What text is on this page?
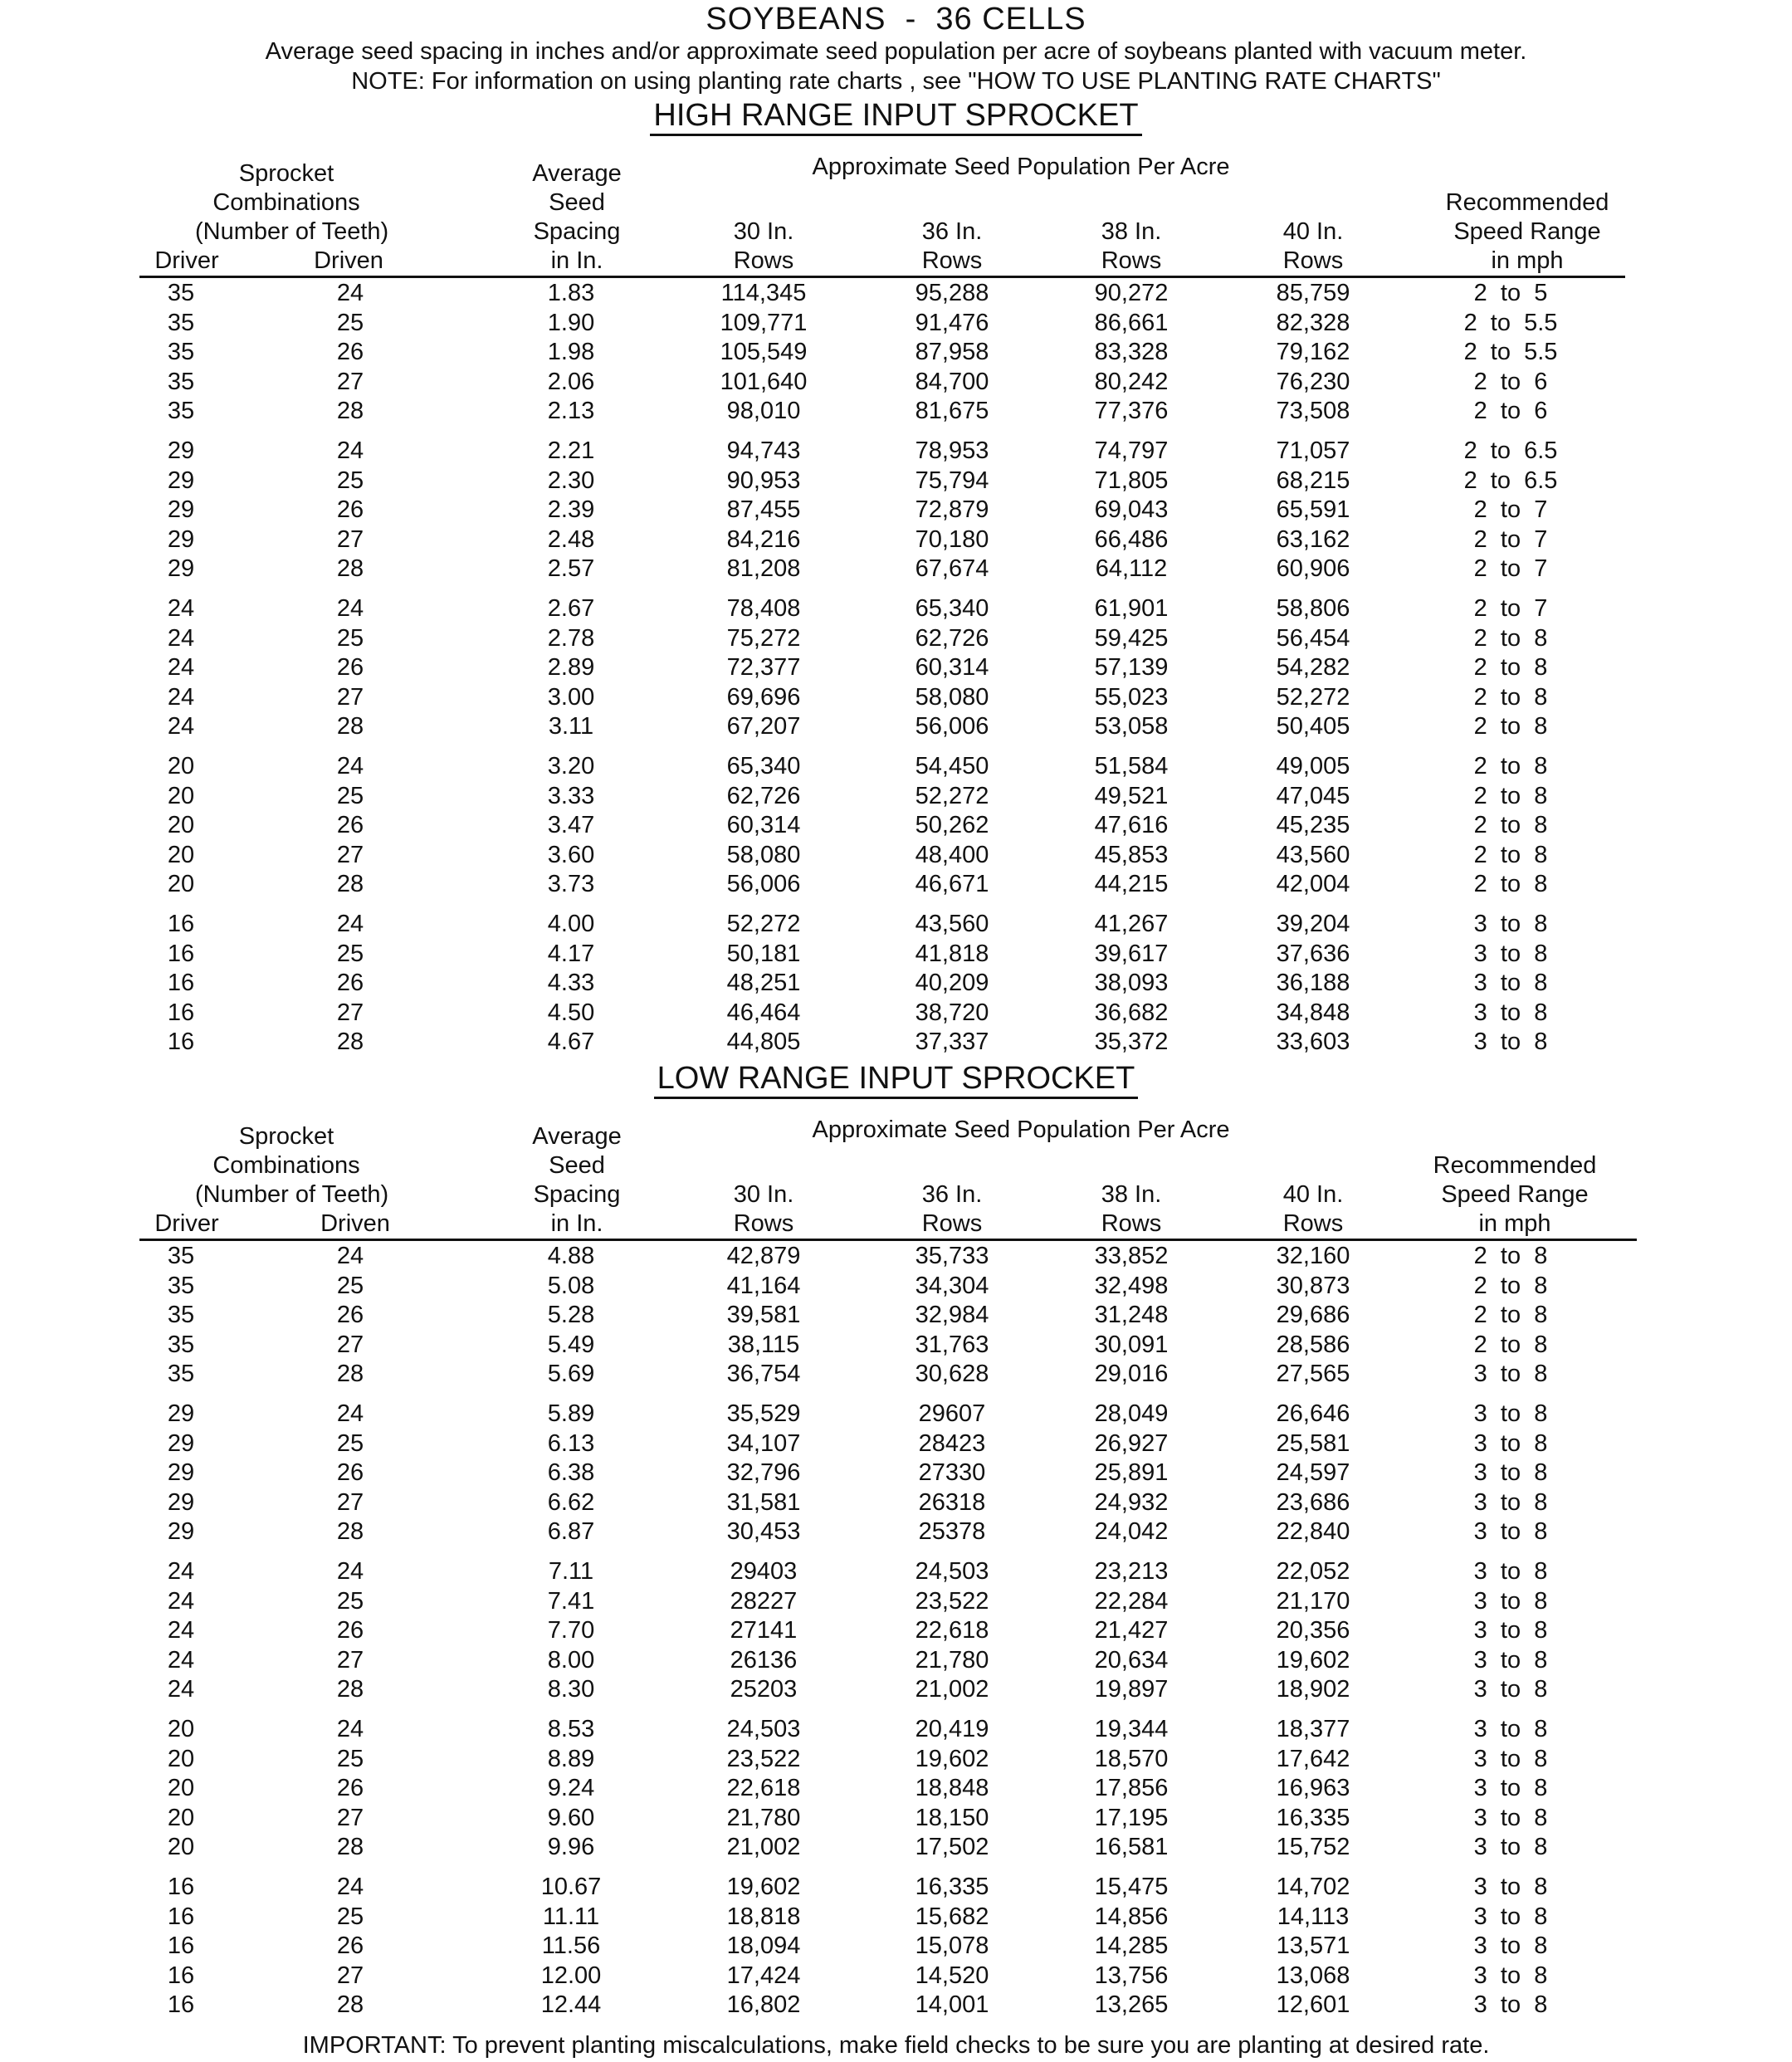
SOYBEANS  -  36 CELLS
Average seed spacing in inches and/or approximate seed population per acre of soybeans planted with vacuum meter.
NOTE: For information on using planting rate charts , see "HOW TO USE PLANTING RATE CHARTS"
HIGH RANGE INPUT SPROCKET
Sprocket
Combinations
(Number of Teeth)
Driver	Driven
Average
Seed
Spacing
in In.
Approximate Seed Population Per Acre
30 In.
Rows
36 In.
Rows
38 In.
Rows
40 In.
Rows
Recommended
Speed Range
in mph
35	24	1.83	114,345	95,288	90,272	85,759	2  to  5
35	25	1.90	109,771	91,476	86,661	82,328	2  to  5.5
35	26	1.98	105,549	87,958	83,328	79,162	2  to  5.5
35	27	2.06	101,640	84,700	80,242	76,230	2  to  6
35	28	2.13	98,010	81,675	77,376	73,508	2  to  6
29	24	2.21	94,743	78,953	74,797	71,057	2  to  6.5
29	25	2.30	90,953	75,794	71,805	68,215	2  to  6.5
29	26	2.39	87,455	72,879	69,043	65,591	2  to  7
29	27	2.48	84,216	70,180	66,486	63,162	2  to  7
29	28	2.57	81,208	67,674	64,112	60,906	2  to  7
24	24	2.67	78,408	65,340	61,901	58,806	2  to  7
24	25	2.78	75,272	62,726	59,425	56,454	2  to  8
24	26	2.89	72,377	60,314	57,139	54,282	2  to  8
24	27	3.00	69,696	58,080	55,023	52,272	2  to  8
24	28	3.11	67,207	56,006	53,058	50,405	2  to  8
20	24	3.20	65,340	54,450	51,584	49,005	2  to  8
20	25	3.33	62,726	52,272	49,521	47,045	2  to  8
20	26	3.47	60,314	50,262	47,616	45,235	2  to  8
20	27	3.60	58,080	48,400	45,853	43,560	2  to  8
20	28	3.73	56,006	46,671	44,215	42,004	2  to  8
16	24	4.00	52,272	43,560	41,267	39,204	3  to  8
16	25	4.17	50,181	41,818	39,617	37,636	3  to  8
16	26	4.33	48,251	40,209	38,093	36,188	3  to  8
16	27	4.50	46,464	38,720	36,682	34,848	3  to  8
16	28	4.67	44,805	37,337	35,372	33,603	3  to  8
LOW RANGE INPUT SPROCKET
Sprocket
Combinations
(Number of Teeth)
Driver	Driven
Average
Seed
Spacing
in In.
Approximate Seed Population Per Acre
30 In.
Rows
36 In.
Rows
38 In.
Rows
40 In.
Rows
Recommended
Speed Range
in mph
35	24	4.88	42,879	35,733	33,852	32,160	2  to  8
35	25	5.08	41,164	34,304	32,498	30,873	2  to  8
35	26	5.28	39,581	32,984	31,248	29,686	2  to  8
35	27	5.49	38,115	31,763	30,091	28,586	2  to  8
35	28	5.69	36,754	30,628	29,016	27,565	3  to  8
29	24	5.89	35,529	29607	28,049	26,646	3  to  8
29	25	6.13	34,107	28423	26,927	25,581	3  to  8
29	26	6.38	32,796	27330	25,891	24,597	3  to  8
29	27	6.62	31,581	26318	24,932	23,686	3  to  8
29	28	6.87	30,453	25378	24,042	22,840	3  to  8
24	24	7.11	29403	24,503	23,213	22,052	3  to  8
24	25	7.41	28227	23,522	22,284	21,170	3  to  8
24	26	7.70	27141	22,618	21,427	20,356	3  to  8
24	27	8.00	26136	21,780	20,634	19,602	3  to  8
24	28	8.30	25203	21,002	19,897	18,902	3  to  8
20	24	8.53	24,503	20,419	19,344	18,377	3  to  8
20	25	8.89	23,522	19,602	18,570	17,642	3  to  8
20	26	9.24	22,618	18,848	17,856	16,963	3  to  8
20	27	9.60	21,780	18,150	17,195	16,335	3  to  8
20	28	9.96	21,002	17,502	16,581	15,752	3  to  8
16	24	10.67	19,602	16,335	15,475	14,702	3  to  8
16	25	11.11	18,818	15,682	14,856	14,113	3  to  8
16	26	11.56	18,094	15,078	14,285	13,571	3  to  8
16	27	12.00	17,424	14,520	13,756	13,068	3  to  8
16	28	12.44	16,802	14,001	13,265	12,601	3  to  8
IMPORTANT: To prevent planting miscalculations, make field checks to be sure you are planting at desired rate.
